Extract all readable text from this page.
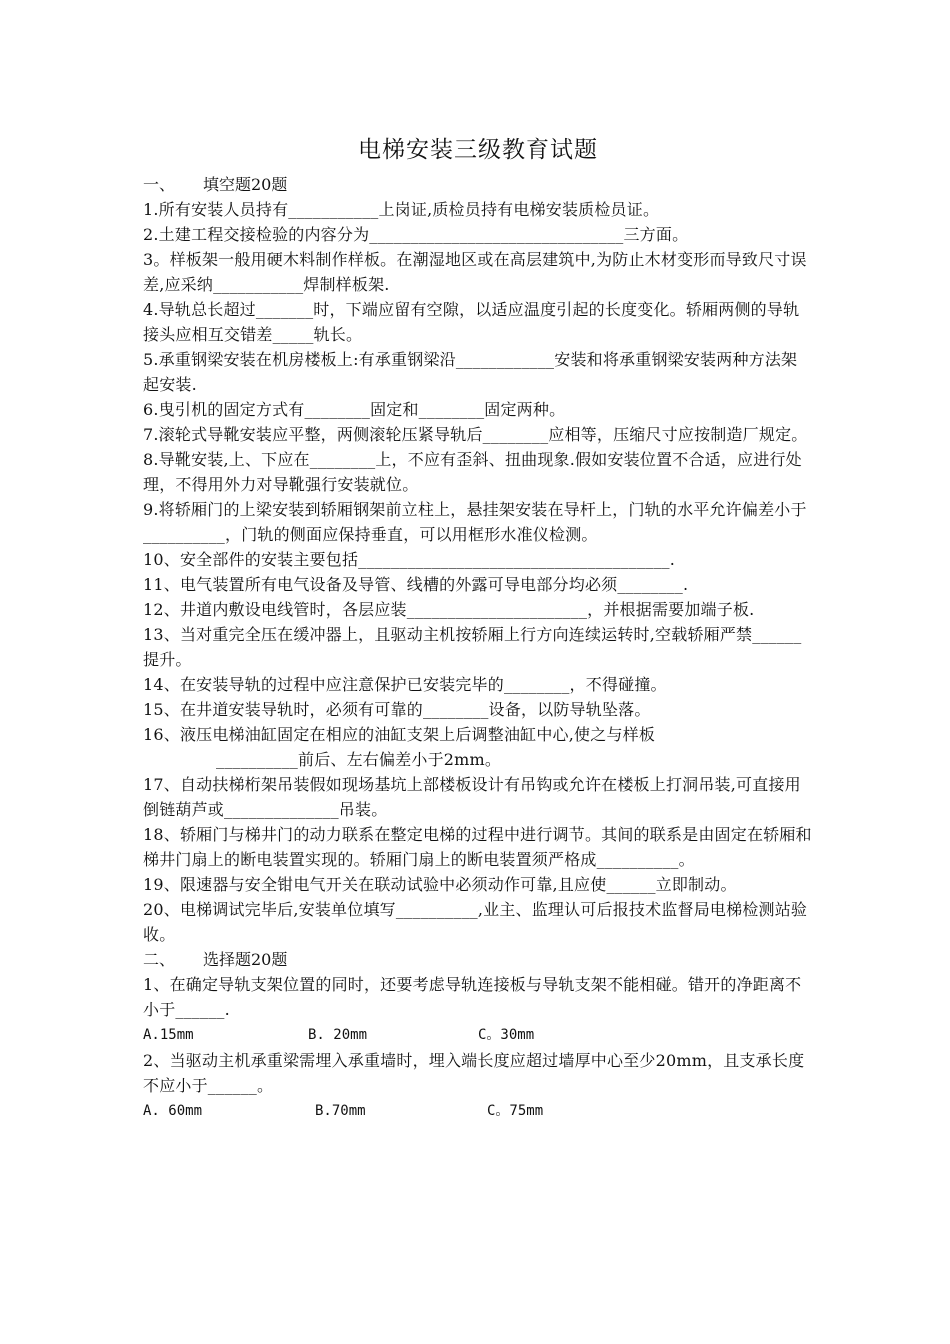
电梯安装三级教育试题
一、 填空题20题
1.所有安装人员持有___________上岗证,质检员持有电梯安装质检员证。
2.土建工程交接检验的内容分为_______________________________三方面。
3。样板架一般用硬木料制作样板。在潮湿地区或在高层建筑中,为防止木材变形而导致尺寸误差,应采纳___________焊制样板架.
4.导轨总长超过_______时，下端应留有空隙，以适应温度引起的长度变化。轿厢两侧的导轨接头应相互交错差_____轨长。
5.承重钢梁安装在机房楼板上:有承重钢梁沿____________安装和将承重钢梁安装两种方法架起安装.
6.曳引机的固定方式有________固定和________固定两种。
7.滚轮式导靴安装应平整，两侧滚轮压紧导轨后________应相等，压缩尺寸应按制造厂规定。
8.导靴安装,上、下应在________上，不应有歪斜、扭曲现象.假如安装位置不合适，应进行处理，不得用外力对导靴强行安装就位。
9.将轿厢门的上梁安装到轿厢钢架前立柱上，悬挂架安装在导杆上，门轨的水平允许偏差小于__________，门轨的侧面应保持垂直，可以用框形水准仪检测。
10、安全部件的安装主要包括______________________________________.
11、电气装置所有电气设备及导管、线槽的外露可导电部分均必须________.
12、井道内敷设电线管时，各层应装______________________，并根据需要加端子板.
13、当对重完全压在缓冲器上，且驱动主机按轿厢上行方向连续运转时,空载轿厢严禁______提升。
14、在安装导轨的过程中应注意保护已安装完毕的________，不得碰撞。
15、在井道安装导轨时，必须有可靠的________设备，以防导轨坠落。
16、液压电梯油缸固定在相应的油缸支架上后调整油缸中心,使之与样板
__________前后、左右偏差小于2mm。
17、自动扶梯桁架吊装假如现场基坑上部楼板设计有吊钩或允许在楼板上打洞吊装,可直接用倒链葫芦或______________吊装。
18、轿厢门与梯井门的动力联系在整定电梯的过程中进行调节。其间的联系是由固定在轿厢和梯井门扇上的断电装置实现的。轿厢门扇上的断电装置须严格成__________。
19、限速器与安全钳电气开关在联动试验中必须动作可靠,且应使______立即制动。
20、电梯调试完毕后,安装单位填写__________,业主、监理认可后报技术监督局电梯检测站验收。
二、 选择题20题
1、在确定导轨支架位置的同时，还要考虑导轨连接板与导轨支架不能相碰。错开的净距离不小于______.
A.15mm	B. 20mm	C。30mm
2、当驱动主机承重梁需埋入承重墙时，埋入端长度应超过墙厚中心至少20mm，且支承长度不应小于______。
A. 60mm	B.70mm	C。75mm
